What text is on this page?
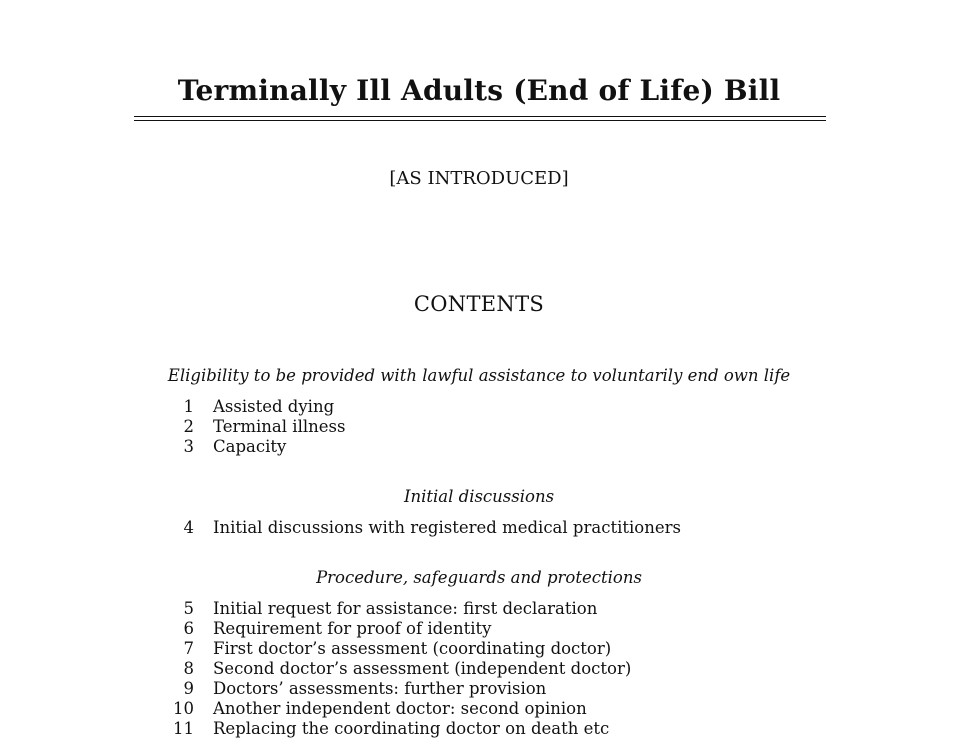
Terminally Ill Adults (End of Life) Bill
[AS INTRODUCED]
CONTENTS
Eligibility to be provided with lawful assistance to voluntarily end own life
1 Assisted dying
2 Terminal illness
3 Capacity
Initial discussions
4 Initial discussions with registered medical practitioners
Procedure, safeguards and protections
5 Initial request for assistance: first declaration
6 Requirement for proof of identity
7 First doctor’s assessment (coordinating doctor)
8 Second doctor’s assessment (independent doctor)
9 Doctors’ assessments: further provision
10 Another independent doctor: second opinion
11 Replacing the coordinating doctor on death etc
